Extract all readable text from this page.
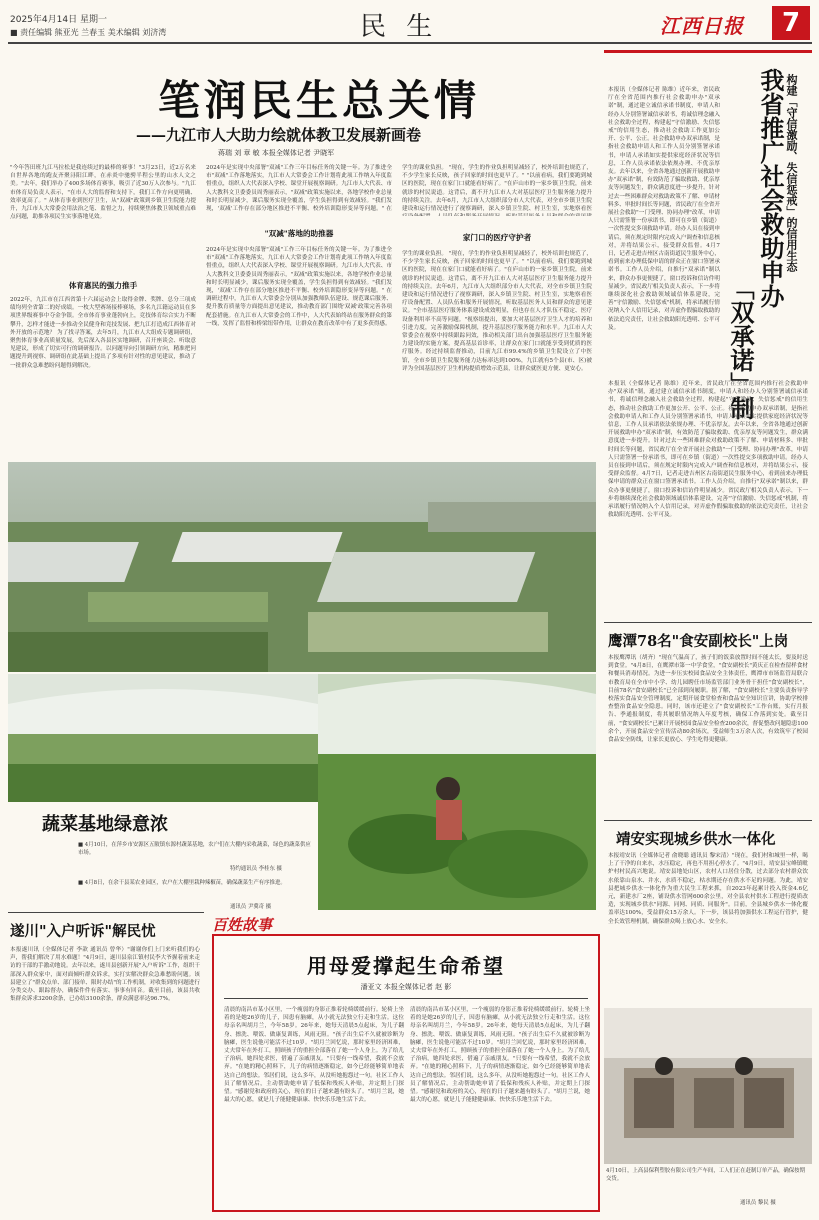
2025年4月14日 星期一
■ 责任编辑 熊亚光 兰春玉 美术编辑 刘济湾	民 生	江西日报	7
笔润民生总关情
——九江市人大助力绘就体教卫发展新画卷
蒋瑞 刘 章 敏 本报全媒体记者 尹晓军
"今年答田班九江马拉松是我连续过的最棒的赛事！"3月23日，近2万名来自世界各地的跑友齐聚浔阳江畔，在赤炎中驰骋半程公里的山水人文之美。"去年，我们举办了400多场体育赛事，吸引了近30万人次参与。"九江市体育局负责人表示，"在市人大的监督和支持下，我们工作方向更明确、效率更高了。" 从体育事业到医疗卫生，从"双减"政策到乡镇卫生院能力提升，九江市人大常委会用法治之笔、监督之力，持续聚焦体教卫领域重点难点问题，助推各项民生实事落地见效。
体育惠民的强力推手
2022年，九江市在江西省第十六届运动会上取得金牌、奖牌、总分三项成绩均列全省第二的好成绩。一枚大型赛场接棒赛场，多名九江籍运动员在多项世界级赛事中夺金争银。全市体育事业蓬勃向上，竞技体育综合实力不断攀升，怎样才能进一步推动全民健身和竞技发展、把九江打造成江西体育对外开放的示范地？ 为了找寻答案，去年5月，九江市人大组成专题调研组，聚焦体育事业高质量发展，先后深入各县区实地调研，召开座谈会、听取意见建议，形成了切实可行的调研报告。以问题导向引领调研方向，精准把问题提升到视察、调研组在此基础上提出了多项有针对性的意见建议，推动了一批群众急难愁盼问题得到解决。
2024年是实现中央部署"双减"工作三年目标任务的关键一年。为了推进全市"双减"工作落地落实，九江市人大常委会工作计划将此项工作纳入年度监督重点，组织人大代表深入学校、课堂开展视察调研。九江市人大代表、市人大教科文卫委委员周秀丽表示，"双减"政策实施以来，各地学校作业总量和时长明显减少，课后服务实现全覆盖，学生负担得到有效减轻。"我们发现，'双减'工作存在部分地区推进不平衡、校外培训隐形变异等问题。" 在
"双减"落地的助推器
2024年是实现中央部署"双减"工作三年目标任务的关键一年。为了推进全市"双减"工作落地落实，九江市人大常委会工作计划将此项工作纳入年度监督重点，组织人大代表深入学校、课堂开展视察调研。九江市人大代表、市人大教科文卫委委员周秀丽表示，"双减"政策实施以来，各地学校作业总量和时长明显减少，课后服务实现全覆盖，学生负担得到有效减轻。"我们发现，'双减'工作存在部分地区推进不平衡、校外培训隐形变异等问题。" 在调研过程中，九江市人大常委会分别从加强教师队伍建设、规范课后服务、提升教育质量等方面提出意见建议，推动教育部门围绕'双减'政策完善各项配套措施。在九江市人大常委会的工作中，人大代表始终站在服务群众的第一线，发挥了监督和桥梁纽带作用，让群众在教育改革中有了更多获得感。
学生的课业负担。 "现在，学生的作业负担明显减轻了，校外培训也规范了，不少学生家长反映，孩子回家的时间也更早了。" "以前看病，我们要跑到城区的医院，现在在家门口就能看好病了。"在庐山市的一家乡镇卫生院，前来就诊的村民说道。这背后，离不开九江市人大对基层医疗卫生服务能力提升的持续关注。去年6月，九江市人大组织部分市人大代表，对全市乡镇卫生院建设和运行情况进行了视察调研，深入乡镇卫生院、村卫生室，实地察看医
家门口的医疗守护者
学生的课业负担。 "现在，学生的作业负担明显减轻了，校外培训也规范了，不少学生家长反映，孩子回家的时间也更早了。" "以前看病，我们要跑到城区的医院，现在在家门口就能看好病了。"在庐山市的一家乡镇卫生院，前来就诊的村民说道。这背后，离不开九江市人大对基层医疗卫生服务能力提升的持续关注。去年6月，九江市人大组织部分市人大代表，对全市乡镇卫生院建设和运行情况进行了视察调研，深入乡镇卫生院、村卫生室，实地察看医疗设备配置、人员队伍和服务开展情况，听取基层医务人员和群众的意见建议。"全市基层医疗服务体系建设成效明显，但也存在人才队伍不稳定、医疗设备利用率不高等问题。"视察组提出，要加大对基层医疗卫生人才的培养和引进力度，完善激励保障机制，提升基层医疗服务能力和水平。九江市人大常委会在视察中持续跟踪问效，推动相关部门出台加强基层医疗卫生服务能力建设的实施方案，提高基层首诊率，让群众在家门口就能享受到优质的医疗服务。经过持续监督推动，目前九江市99.4%的乡镇卫生院设立了中医馆，全市乡镇卫生院服务能力达标率达到100%，九江就有5个县(市、区)被评为全国基层医疗卫生机构提质增效示范县，让群众就医更方便、更安心。
构建「守信激励、失信惩戒」的信用生态
我省推广社会救助申办
「双承诺」制
本报讯（全媒体记者 陈维）近年来，省民政厅在全省范围内推行社会救助申办"双承诺"制，通过建立诚信承诺书制度，申请人和经办人分别签署诚信承诺书，将诚信理念融入社会救助全过程，构建起"守信激励、失信惩戒"的信用生态，推动社会救助工作更加公开、公平、公正。社会救助申办双承诺制，是指社会救助申请人和工作人员分别签署承诺书，申请人承诺如实提供家庭经济状况等信息，工作人员承诺依法依规办理、不优亲厚友。去年以来，全省各地通过创新开展救助申办"双承诺"制，有效防范了骗取救助、优亲厚友等问题发生，群众满意度进一步提升。针对过去一些困难群众对救助政策不了解、申请材料多、审批时间长等问题，省民政厅在全省开展社会救助"一门受理、协同办理"改革，申请人只需签署一份承诺书，即可在乡镇（街道）一次性提交多项救助申请。经办人员在接到申请后，须在规定时限内完成入户调查和信息核对，并将结果公示，接受群众监督。4月7日，记者走进吉州区古南街道民生服务中心，看到前来办理低保申请的群众正在窗口签署承诺书。工作人员介绍，自推行"双承诺"制以来，群众办事更便捷了，窗口投诉和信访件明显减少。省民政厅相关负责人表示，下一步将继续深化社会救助领域诚信体系建设，完善"守信激励、失信惩戒"机制，将承诺履行情况纳入个人信用记录，对弄虚作假骗取救助的依法追究责任，让社会救助阳光透明、公平可及。
本报讯（全媒体记者 陈维）近年来，省民政厅在全省范围内推行社会救助申办"双承诺"制，通过建立诚信承诺书制度，申请人和经办人分别签署诚信承诺书，将诚信理念融入社会救助全过程，构建起"守信激励、失信惩戒"的信用生态，推动社会救助工作更加公开、公平、公正。社会救助申办双承诺制，是指社会救助申请人和工作人员分别签署承诺书，申请人承诺如实提供家庭经济状况等信息，工作人员承诺依法依规办理、不优亲厚友。去年以来，全省各地通过创新开展救助申办"双承诺"制，有效防范了骗取救助、优亲厚友等问题发生，群众满意度进一步提升。针对过去一些困难群众对救助政策不了解、申请材料多、审批时间长等问题，省民政厅在全省开展社会救助"一门受理、协同办理"改革，申请人只需签署一份承诺书，即可在乡镇（街道）一次性提交多项救助申请。经办人员在接到申请后，须在规定时限内完成入户调查和信息核对，并将结果公示，接受群众监督。4月7日，记者走进吉州区古南街道民生服务中心，看到前来办理低保申请的群众正在窗口签署承诺书。工作人员介绍，自推行"双承诺"制以来，群众办事更便捷了，窗口投诉和信访件明显减少。省民政厅相关负责人表示，下一步将继续深化社会救助领域诚信体系建设，完善"守信激励、失信惩戒"机制，将承诺履行情况纳入个人信用记录，对弄虚作假骗取救助的依法追究责任，让社会救助阳光透明、公平可及。
蔬菜基地绿意浓
■ 4月10日，在萍乡市安源区五陂镇东源村蔬菜基地，农户们在大棚内采收蔬菜，绿色的蔬菜供应市场。
特约通讯员 李桂东 摄
■ 4月8日，在余干县某农业园区，农户在大棚里栽种辣椒苗，确保蔬菜生产有序推进。
通讯员 尹冀奇 摄
鹰潭78名"食安副校长"上岗
本报鹰潭讯（胡齐）"现在气温高了，孩子们的饭菜放置时间不能太长，要及时送到食堂。"4月8日，在鹰潭市第一中学食堂，"食安副校长"黄庆正在检查留样食材和餐具消毒情况。为进一步压实校园食品安全主体责任，鹰潭市市场监管局联合市教育局在全市中小学、幼儿园聘任市场监管部门业务骨干担任"食安副校长"，目前78名"食安副校长"已全部到岗履职。据了解，"食安副校长"主要负责指导学校落实食品安全管理制度，定期开展食堂检查和食品安全知识宣讲，协助学校排查整治食品安全隐患。同时，该市还建立了"食安副校长"工作台账，实行月报告、季通报制度，将其履职情况纳入年度考核，确保工作落到实处。截至目前，"食安副校长"已累计开展校园食品安全检查200余次，督促整改问题隐患100余个，开展食品安全宣传活动80余场次，受益师生3万余人次，有效筑牢了校园食品安全防线，让家长更放心、学生吃得更健康。
靖安实现城乡供水一体化
本报靖安讯（全媒体记者 俞晓聪 通讯员 黎宋清）"现在，我们村和城里一样，喝上了干净的自来水，水压稳定，再也不用担心停水了。"4月9日，靖安县宝峰镇毗炉村村民高兴地说。靖安县地处山区，农村人口居住分散，过去部分农村群众饮水依靠山泉水、井水，水质不稳定，枯水期还存在供水不足的问题。为此，靖安县把城乡供水一体化作为重大民生工程来抓，自2023年起累计投入资金4.6亿元，新建水厂2座，铺设供水管网600余公里，对全县农村供水工程进行提质改造，实现城乡供水"同源、同网、同质、同服务"。目前，全县城乡供水一体化覆盖率达100%，受益群众15万余人。下一步，该县将加强供水工程运行管护，健全长效管理机制，确保群众喝上放心水、安全水。
遂川"入户听诉"解民忧
本报遂川讯（全媒体记者 李歆 通讯员 曾华）"谢谢你们上门来听我们的心声，帮我们解决了用水难题！"4月9日，遂川县泉江镇村民李大爷握着前来走访的干部的手激动地说。去年以来，遂川县创新开展"入户听诉"工作，组织干部深入群众家中，面对面倾听群众诉求，实打实解决群众急难愁盼问题。该县建立了"群众点单、部门接单、限时办结"的工作机制，对收集到的问题进行分类交办、跟踪督办，确保件件有落实、事事有回音。截至目前，该县共收集群众诉求3200余条，已办结3100余条，群众满意率达96.7%。
百姓故事
用母爱撑起生命希望
潘亚文 本报全媒体记者 赵 影
清晨的南昌市某小区里，一个瘦弱的身影正推着轮椅缓缓前行。轮椅上坐着的是她26岁的儿子，因患有脑瘫，从小就无法独立行走和生活。这位母亲名叫胡月兰，今年58岁。26年来，她每天清晨5点起床，为儿子翻身、擦洗、喂饭、做康复训练，风雨无阻。"孩子出生后不久就被诊断为脑瘫，医生说他可能活不过10岁。"胡月兰回忆说，那时家里经济困难，丈夫常年在外打工，照顾孩子的重担全部落在了她一个人身上。为了给儿子治病，她四处求医，借遍了亲戚朋友。"只要有一线希望，我就不会放弃。"在她的精心照料下，儿子的病情逐渐稳定，如今已经能够简单地表达自己的想法。邻居们说，这么多年，从没听她抱怨过一句。社区工作人员了解情况后，主动帮助她申请了低保和残疾人补贴，并定期上门探望。"感谢党和政府的关心，现在的日子越来越有盼头了。"胡月兰说，她最大的心愿，就是儿子能健健康康、快快乐乐地生活下去。
清晨的南昌市某小区里，一个瘦弱的身影正推着轮椅缓缓前行。轮椅上坐着的是她26岁的儿子，因患有脑瘫，从小就无法独立行走和生活。这位母亲名叫胡月兰，今年58岁。26年来，她每天清晨5点起床，为儿子翻身、擦洗、喂饭、做康复训练，风雨无阻。"孩子出生后不久就被诊断为脑瘫，医生说他可能活不过10岁。"胡月兰回忆说，那时家里经济困难，丈夫常年在外打工，照顾孩子的重担全部落在了她一个人身上。为了给儿子治病，她四处求医，借遍了亲戚朋友。"只要有一线希望，我就不会放弃。"在她的精心照料下，儿子的病情逐渐稳定，如今已经能够简单地表达自己的想法。邻居们说，这么多年，从没听她抱怨过一句。社区工作人员了解情况后，主动帮助她申请了低保和残疾人补贴，并定期上门探望。"感谢党和政府的关心，现在的日子越来越有盼头了。"胡月兰说，她最大的心愿，就是儿子能健健康康、快快乐乐地生活下去。
4月10日，上高县保利塑胶有限公司生产车间，工人们正在赶制订单产品，确保按期交货。
通讯员 黎民 摄
